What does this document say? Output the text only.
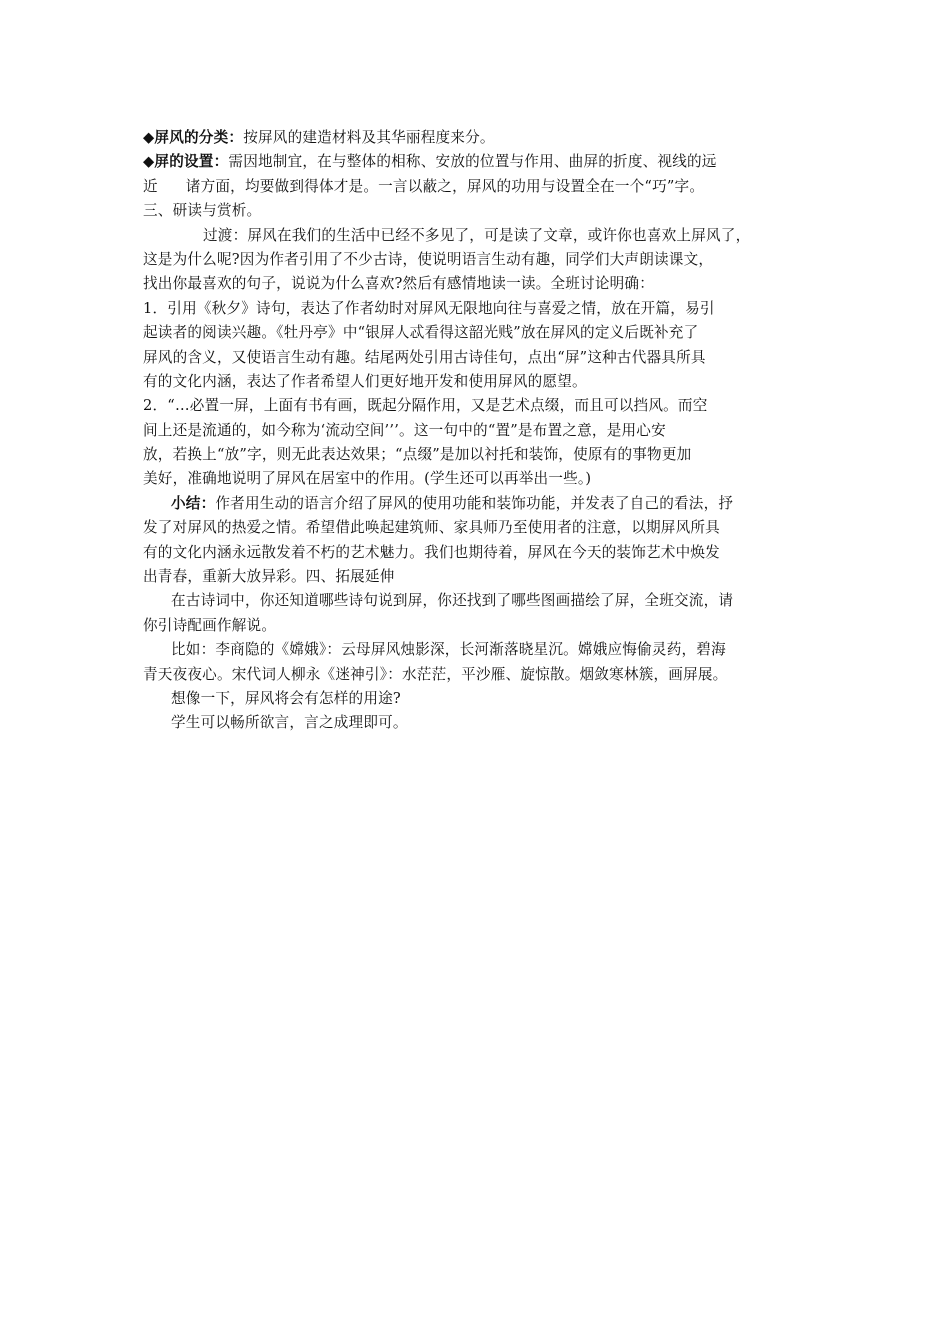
◆屏风的分类：按屏风的建造材料及其华丽程度来分。
◆屏的设置：需因地制宜，在与整体的相称、安放的位置与作用、曲屏的折度、视线的远
近 诸方面，均要做到得体才是。一言以蔽之，屏风的功用与设置全在一个“巧”字。
三、研读与赏析。
过渡：屏风在我们的生活中已经不多见了，可是读了文章，或许你也喜欢上屏风了，
这是为什么呢?因为作者引用了不少古诗，使说明语言生动有趣，同学们大声朗读课文，
找出你最喜欢的句子，说说为什么喜欢?然后有感情地读一读。全班讨论明确：
1．引用《秋夕》诗句，表达了作者幼时对屏风无限地向往与喜爱之情，放在开篇，易引
起读者的阅读兴趣。《牡丹亭》中“银屏人忒看得这韶光贱”放在屏风的定义后既补充了
屏风的含义，又使语言生动有趣。结尾两处引用古诗佳句，点出“屏”这种古代器具所具
有的文化内涵，表达了作者希望人们更好地开发和使用屏风的愿望。
2．“…必置一屏，上面有书有画，既起分隔作用，又是艺术点缀，而且可以挡风。而空
间上还是流通的，如今称为‘流动空间’’’。这一句中的“置”是布置之意，是用心安
放，若换上“放”字，则无此表达效果；“点缀”是加以衬托和装饰，使原有的事物更加
美好，准确地说明了屏风在居室中的作用。(学生还可以再举出一些。)
小结：作者用生动的语言介绍了屏风的使用功能和装饰功能，并发表了自己的看法，抒
发了对屏风的热爱之情。希望借此唤起建筑师、家具师乃至使用者的注意，以期屏风所具
有的文化内涵永远散发着不朽的艺术魅力。我们也期待着，屏风在今天的装饰艺术中焕发
出青春，重新大放异彩。四、拓展延伸
在古诗词中，你还知道哪些诗句说到屏，你还找到了哪些图画描绘了屏，全班交流，请
你引诗配画作解说。
比如：李商隐的《嫦娥》：云母屏风烛影深，长河渐落晓星沉。嫦娥应悔偷灵药，碧海
青天夜夜心。宋代词人柳永《迷神引》：水茫茫，平沙雁、旋惊散。烟敛寒林簇，画屏展。
想像一下，屏风将会有怎样的用途?
学生可以畅所欲言，言之成理即可。
